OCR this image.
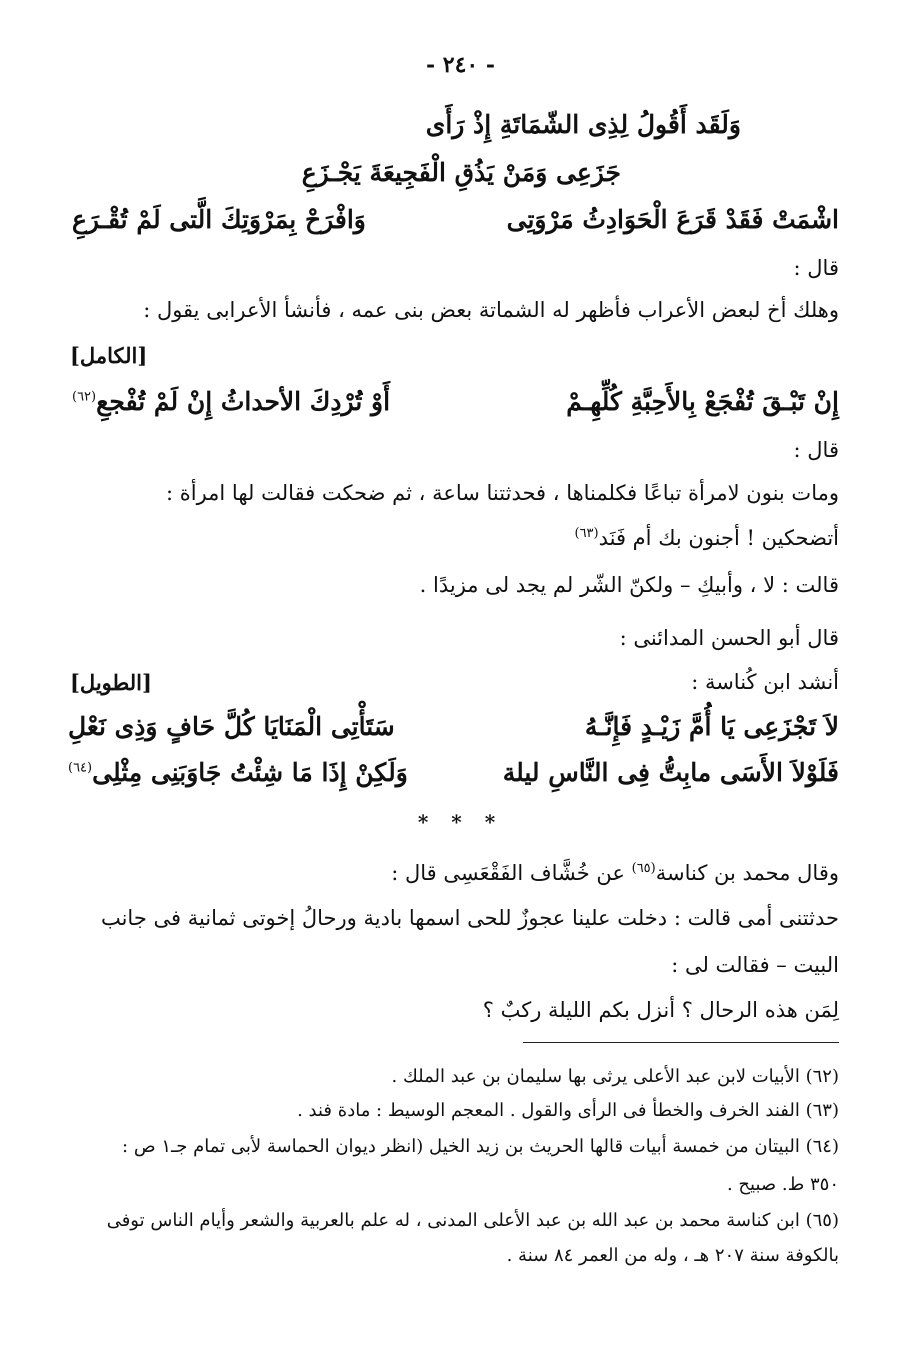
- ٢٤٠ -
وَلَقَد أَقُولُ لِذِى الشّمَاتَةِ إِذْ رَأَى
جَزَعِى وَمَنْ يَذُقِ الْفَجِيعَةَ يَجْـزَعِ
اشْمَتْ فَقَدْ قَرَعَ الْحَوَادِثُ مَرْوَتِى
وَافْرَحْ بِمَرْوَتِكَ الَّتى لَمْ تُقْـرَعِ
قال :
وهلك أخ لبعض الأعراب فأظهر له الشماتة بعض بنى عمه ، فأنشأ الأعرابى يقول :
[الكامل]
إِنْ تَبْـقَ تُفْجَعْ بِالأَحِبَّةِ كُلِّهِـمْ
أَوْ تُرْدِكَ الأحداثُ إِنْ لَمْ تُفْجعِ$^{(٦٢)}$
قال :
ومات بنون لامرأة تباعًا فكلمناها ، فحدثتنا ساعة ، ثم ضحكت فقالت لها امرأة :
أتضحكين ! أجنون بك أم فَنَد$^{(٦٣)}$
قالت : لا ، وأبيكِ – ولكنّ الشّر لم يجد لى مزيدًا .
قال أبو الحسن المدائنى :
أنشد ابن كُناسة :
[الطويل]
لاَ تَجْزَعِى يَا أُمَّ زَيْـدٍ فَإِنَّـهُ
سَتَأْتِى الْمَنَايَا كُلَّ حَافٍ وَذِى نَعْلِ
فَلَوْلاَ الأَسَى مابِتُّ فِى النَّاسِ ليلة
وَلَكِنْ إِذَا مَا شِئْتُ جَاوَبَنِى مِثْلِى$^{(٦٤)}$
* * *
وقال محمد بن كناسة$^{(٦٥)}$ عن خُشَّاف الفَقْعَسِى قال :
حدثتنى أمى قالت : دخلت علينا عجوزٌ للحى اسمها بادية ورحالُ إخوتى ثمانية فى جانب
البيت – فقالت لى :
لِمَن هذه الرحال ؟ أنزل بكم الليلة ركبٌ ؟
(٦٢) الأبيات لابن عبد الأعلى يرثى بها سليمان بن عبد الملك .
(٦٣) الفند الخرف والخطأ فى الرأى والقول . المعجم الوسيط : مادة فند .
(٦٤) البيتان من خمسة أبيات قالها الحريث بن زيد الخيل (انظر ديوان الحماسة لأبى تمام جـ١ ص :
٣٥٠ ط. صبيح .
(٦٥) ابن كناسة محمد بن عبد الله بن عبد الأعلى المدنى ، له علم بالعربية والشعر وأيام الناس توفى
بالكوفة سنة ٢٠٧ هـ ، وله من العمر ٨٤ سنة .
